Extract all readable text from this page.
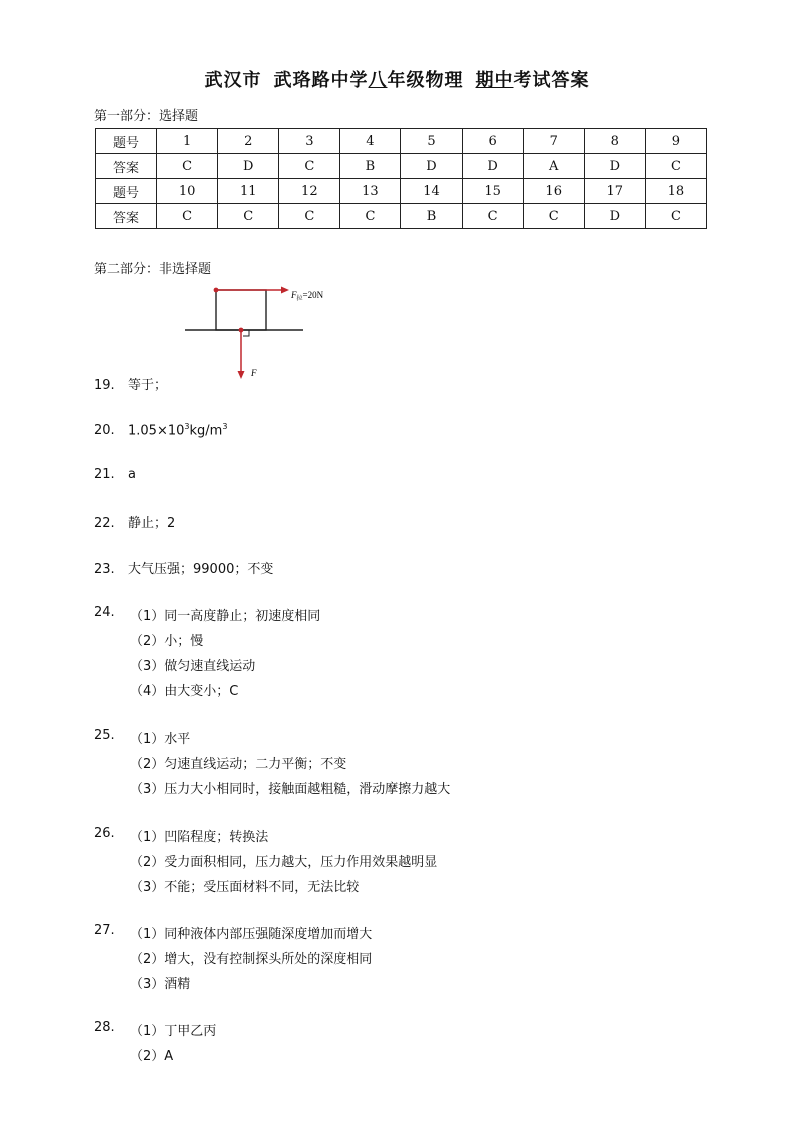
武汉市 武珞路中学八年级物理 期中考试答案
第一部分：选择题
题号	1	2	3	4	5	6	7	8	9
答案	C	D	C	B	D	D	A	D	C
题号	10	11	12	13	14	15	16	17	18
答案	C	C	C	C	B	C	C	D	C
第二部分：非选择题
$F_拉=20N$
F
19. 等于；
20. $1.05\times 10^3kg/m^3$
21. a
22. 静止；2
23. 大气压强；99000；不变
24. （1）同一高度静止；初速度相同
（2）小；慢
（3）做匀速直线运动
（4）由大变小；C
25. （1）水平
（2）匀速直线运动；二力平衡；不变
（3）压力大小相同时，接触面越粗糙，滑动摩擦力越大
26. （1）凹陷程度；转换法
（2）受力面积相同，压力越大，压力作用效果越明显
（3）不能；受压面材料不同，无法比较
27. （1）同种液体内部压强随深度增加而增大
（2）增大，没有控制探头所处的深度相同
（3）酒精
28. （1）丁甲乙丙
（2）A
